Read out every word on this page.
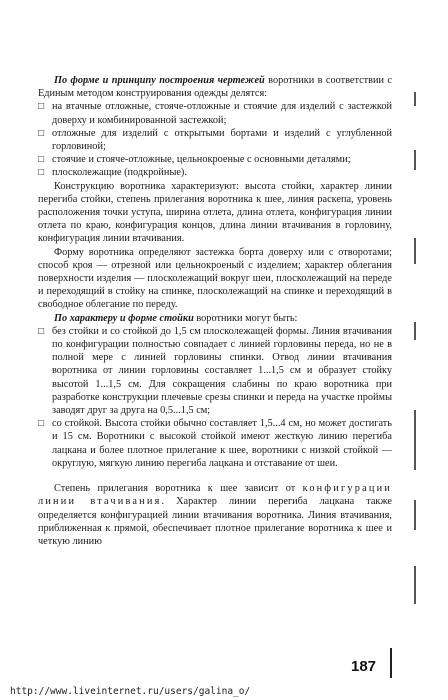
По форме и принципу построения чертежей воротники в соответствии с Единым методом конструирования одежды делятся:

□ на втачные отложные, стояче-отложные и стоячие для изделий с застежкой доверху и комбинированной застежкой;

□ отложные для изделий с открытыми бортами и изделий с углубленной горловиной;

□ стоячие и стояче-отложные, цельнокроеные с основными деталями;

□ плосколежащие (подкройные).

Конструкцию воротника характеризуют: высота стойки, характер линии перегиба стойки, степень прилегания воротника к шее, линия раскепа, уровень расположения точки уступа, ширина отлета, длина отлета, конфигурация линии отлета по краю, конфигурация концов, длина линии втачивания в горловину, конфигурация линии втачивания.

Форму воротника определяют застежка борта доверху или с отворотами; способ кроя — отрезной или цельнокроеный с изделием; характер облегания поверхности изделия — плосколежащий вокруг шеи, плосколежащий на переде и переходящий в стойку на спинке, плосколежащий на спинке и переходящий в свободное облегание по переду.

По характеру и форме стойки воротники могут быть:

□ без стойки и со стойкой до 1,5 см плосколежащей формы. Линия втачивания по конфигурации полностью совпадает с линией горловины переда, но не в полной мере с линией горловины спинки. Отвод линии втачивания воротника от линии горловины составляет 1...1,5 см и образует стойку высотой 1...1,5 см. Для сокращения слабины по краю воротника при разработке конструкции плечевые срезы спинки и переда на участке проймы заводят друг за друга на 0,5...1,5 см;

□ со стойкой. Высота стойки обычно составляет 1,5...4 см, но может достигать и 15 см. Воротники с высокой стойкой имеют жесткую линию перегиба лацкана и более плотное прилегание к шее, воротники с низкой стойкой — округлую, мягкую линию перегиба лацкана и отставание от шеи.

Степень прилегания воротника к шее зависит от конфигурации линии втачивания. Характер линии перегиба лацкана также определяется конфигурацией линии втачивания воротника. Линия втачивания, приближенная к прямой, обеспечивает плотное прилегание воротника к шее и четкую линию

187
http://www.liveinternet.ru/users/galina_o/
